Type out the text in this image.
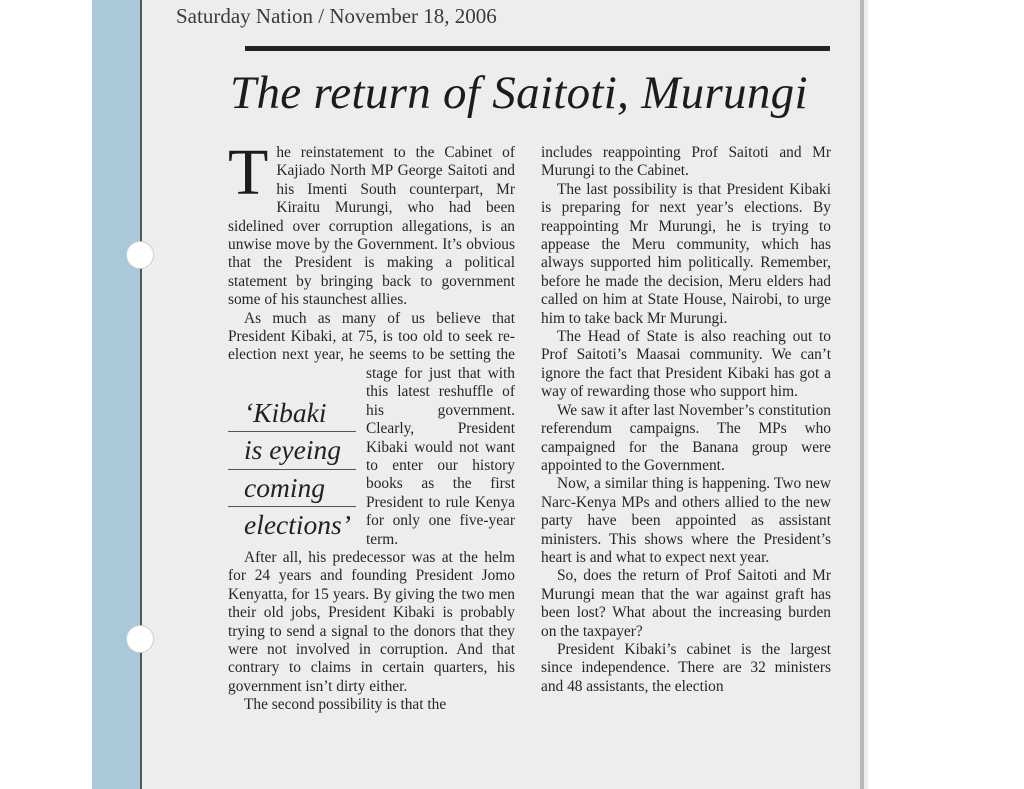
Saturday Nation / November 18, 2006
The return of Saitoti, Murungi

The reinstatement to the Cabinet of Kajiado North MP George Saitoti and his Imenti South counterpart, Mr Kiraitu Murungi, who had been sidelined over corruption allegations, is an unwise move by the Government. It’s obvious that the President is making a political statement by bringing back to government some of his staunchest allies.

As much as many of us believe that President Kibaki, at 75, is too old to seek re-election next year, he seems to be setting the stage for just that with
‘Kibaki
is eyeing
coming
elections’
this latest reshuffle of his government. Clearly, President Kibaki would not want to enter our history books as the first President to rule Kenya for only one five-year term.

After all, his predecessor was at the helm for 24 years and founding President Jomo Kenyatta, for 15 years. By giving the two men their old jobs, President Kibaki is probably trying to send a signal to the donors that they were not involved in corruption. And that contrary to claims in certain quarters, his government isn’t dirty either.

The second possibility is that the

includes reappointing Prof Saitoti and Mr Murungi to the Cabinet.

The last possibility is that President Kibaki is preparing for next year’s elections. By reappointing Mr Murungi, he is trying to appease the Meru community, which has always supported him politically. Remember, before he made the decision, Meru elders had called on him at State House, Nairobi, to urge him to take back Mr Murungi.

The Head of State is also reaching out to Prof Saitoti’s Maasai community. We can’t ignore the fact that President Kibaki has got a way of rewarding those who support him.

We saw it after last November’s constitution referendum campaigns. The MPs who campaigned for the Banana group were appointed to the Government.

Now, a similar thing is happening. Two new Narc-Kenya MPs and others allied to the new party have been appointed as assistant ministers. This shows where the President’s heart is and what to expect next year.

So, does the return of Prof Saitoti and Mr Murungi mean that the war against graft has been lost? What about the increasing burden on the taxpayer?

President Kibaki’s cabinet is the largest since independence. There are 32 ministers and 48 assistants, the election
